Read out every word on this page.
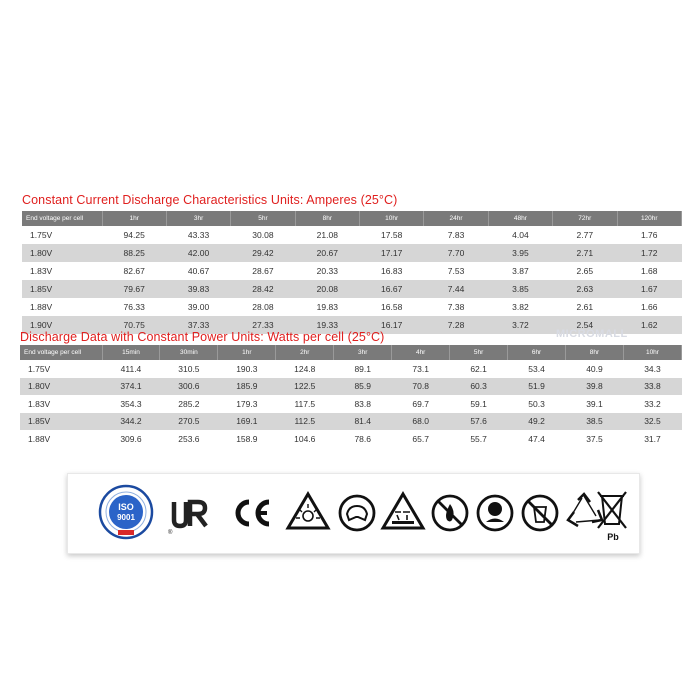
Constant Current Discharge Characteristics Units: Amperes (25°C)
End voltage per cell	1hr	3hr	5hr	8hr	10hr	24hr	48hr	72hr	120hr
1.75V	94.25	43.33	30.08	21.08	17.58	7.83	4.04	2.77	1.76
1.80V	88.25	42.00	29.42	20.67	17.17	7.70	3.95	2.71	1.72
1.83V	82.67	40.67	28.67	20.33	16.83	7.53	3.87	2.65	1.68
1.85V	79.67	39.83	28.42	20.08	16.67	7.44	3.85	2.63	1.67
1.88V	76.33	39.00	28.08	19.83	16.58	7.38	3.82	2.61	1.66
1.90V	70.75	37.33	27.33	19.33	16.17	7.28	3.72	2.54	1.62
MICROMALL
Discharge Data with Constant Power Units: Watts per cell (25°C)
End voltage per cell	15min	30min	1hr	2hr	3hr	4hr	5hr	6hr	8hr	10hr
1.75V	411.4	310.5	190.3	124.8	89.1	73.1	62.1	53.4	40.9	34.3
1.80V	374.1	300.6	185.9	122.5	85.9	70.8	60.3	51.9	39.8	33.8
1.83V	354.3	285.2	179.3	117.5	83.8	69.7	59.1	50.3	39.1	33.2
1.85V	344.2	270.5	169.1	112.5	81.4	68.0	57.6	49.2	38.5	32.5
1.88V	309.6	253.6	158.9	104.6	78.6	65.7	55.7	47.4	37.5	31.7
ISO
9001
®	Pb
